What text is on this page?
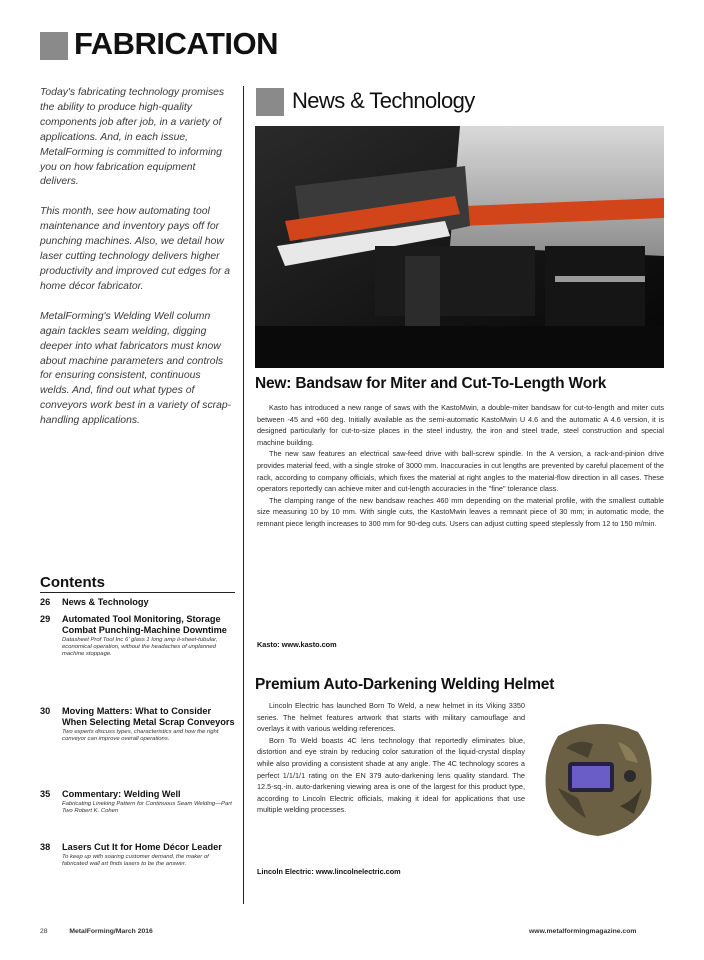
FABRICATION

Today's fabricating technology promises the ability to produce high-quality components job after job, in a variety of applications. And, in each issue, MetalForming is committed to informing you on how fabrication equipment delivers.

This month, see how automating tool maintenance and inventory pays off for punching machines. Also, we detail how laser cutting technology delivers higher productivity and improved cut edges for a home décor fabricator.

MetalForming's Welding Well column again tackles seam welding, digging deeper into what fabricators must know about machine parameters and controls for ensuring consistent, continuous welds. And, find out what types of conveyors work best in a variety of scrap-handling applications.

News & Technology
New: Bandsaw for Miter and Cut-To-Length Work

Kasto has introduced a new range of saws with the KastoMwin, a double-miter bandsaw for cut-to-length and miter cuts between -45 and +60 deg. Initially available as the semi-automatic KastoMwin U 4.6 and the automatic A 4.6 version, it is designed particularly for cut-to-size places in the steel industry, the iron and steel trade, steel construction and special machine building.

The new saw features an electrical saw-feed drive with ball-screw spindle. In the A version, a rack-and-pinion drive provides material feed, with a single stroke of 3000 mm. Inaccuracies in cut lengths are prevented by careful placement of the rack, according to company officials, which fixes the material at right angles to the material-flow direction in all cases. These operators reportedly can achieve miter and cut-length accuracies in the "fine" tolerance class.

The clamping range of the new bandsaw reaches 460 mm depending on the material profile, with the smallest cuttable size measuring 10 by 10 mm. With single cuts, the KastoMwin leaves a remnant piece of 30 mm; in automatic mode, the remnant piece length increases to 300 mm for 90-deg cuts. Users can adjust cutting speed steplessly from 12 to 150 m/min.

Kasto: www.kasto.com
Premium Auto-Darkening Welding Helmet

Lincoln Electric has launched Born To Weld, a new helmet in its Viking 3350 series. The helmet features artwork that starts with military camouflage and overlays it with various welding references.

Born To Weld boasts 4C lens technology that reportedly eliminates blue, distortion and eye strain by reducing color saturation of the liquid-crystal display while also providing a consistent shade at any angle. The 4C technology scores a perfect 1/1/1/1 rating on the EN 379 auto-darkening lens quality standard. The 12.5-sq.-in. auto-darkening viewing area is one of the largest for this product type, according to Lincoln Electric officials, making it ideal for applications that use multiple welding processes.

Lincoln Electric: www.lincolnelectric.com
Contents
26	News & Technology
29	Automated Tool Monitoring, Storage Combat Punching-Machine Downtime
Datasheet Prof Tool Inc 6' glass 1 long amp ii-sheet-tubular, economical operation, without the headaches of unplanned machine stoppage.
30	Moving Matters: What to Consider When Selecting Metal Scrap Conveyors
Two experts discuss types, characteristics and how the right conveyor can improve overall operations.
35	Commentary: Welding Well
Fabricating Lineking Pattern for Continuous Seam Welding—Part Two Robert K. Cohen
38	Lasers Cut It for Home Décor Leader
To keep up with soaring customer demand, the maker of fabricated wall art finds lasers to be the answer.
28	MetalForming/March 2016	www.metalformingmagazine.com
